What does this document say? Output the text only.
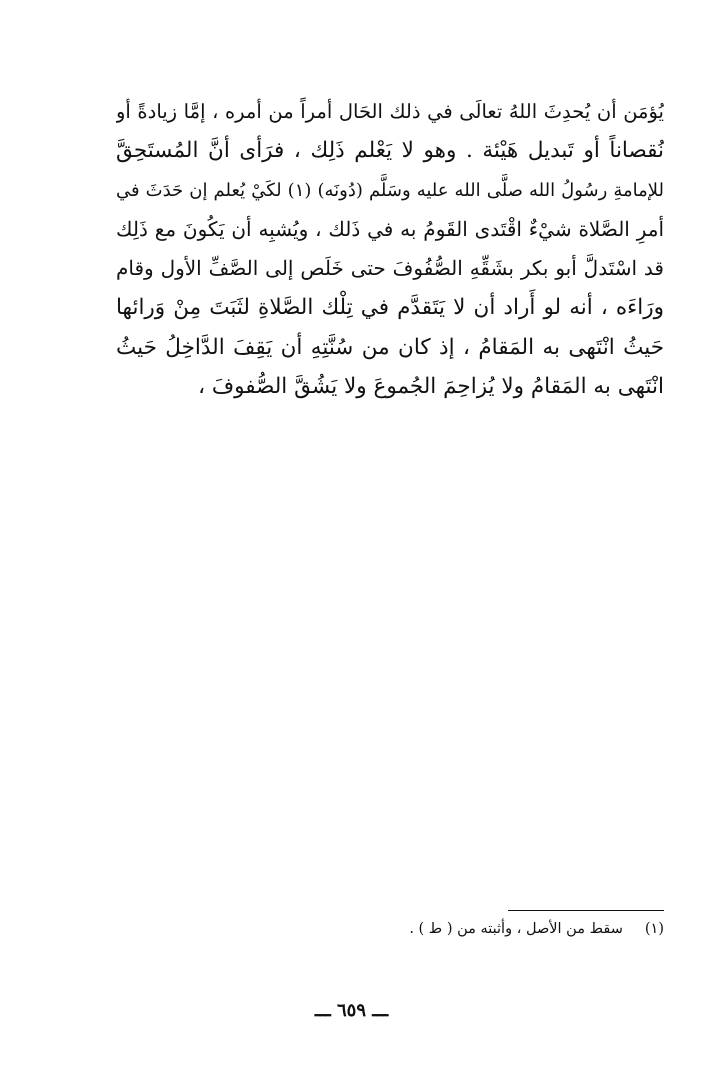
يُؤمَن أن يُحدِثَ اللهُ تعالَى في ذلك الحَال أمراً من أمره ، إمَّا زيادةً أو
نُقصاناً أو تَبديل هَيْئة . وهو لا يَعْلم ذَلِك ، فرَأى أنَّ المُستَحِقَّ
للإمامةِ رسُولُ الله صلَّى الله عليه وسَلَّم (دُونَه) (١) لكَيْ يُعلم إن حَدَثَ في
أمرِ الصَّلاة شيْءٌ اقْتَدى القَومُ به في ذَلك ، ويُشبِه أن يَكُونَ مع ذَلِك
قد اسْتَدلَّ أبو بكر بشَقِّهِ الصُّفُوفَ حتى خَلَص إلى الصَّفِّ الأول وقام
ورَاءَه ، أنه لو أَراد أن لا يَتَقدَّم في تِلْك الصَّلاةِ لثَبَتَ مِنْ وَرائها
حَيثُ انْتَهى به المَقامُ ، إذ كان من سُنَّتِهِ أن يَقِفَ الدَّاخِلُ حَيثُ
انْتَهى به المَقامُ ولا يُزاحِمَ الجُموعَ ولا يَشُقَّ الصُّفوفَ ،
(١)سقط من الأصل ، وأثبته من ( ط ) .
ـــ ٦٥٩ ـــ
